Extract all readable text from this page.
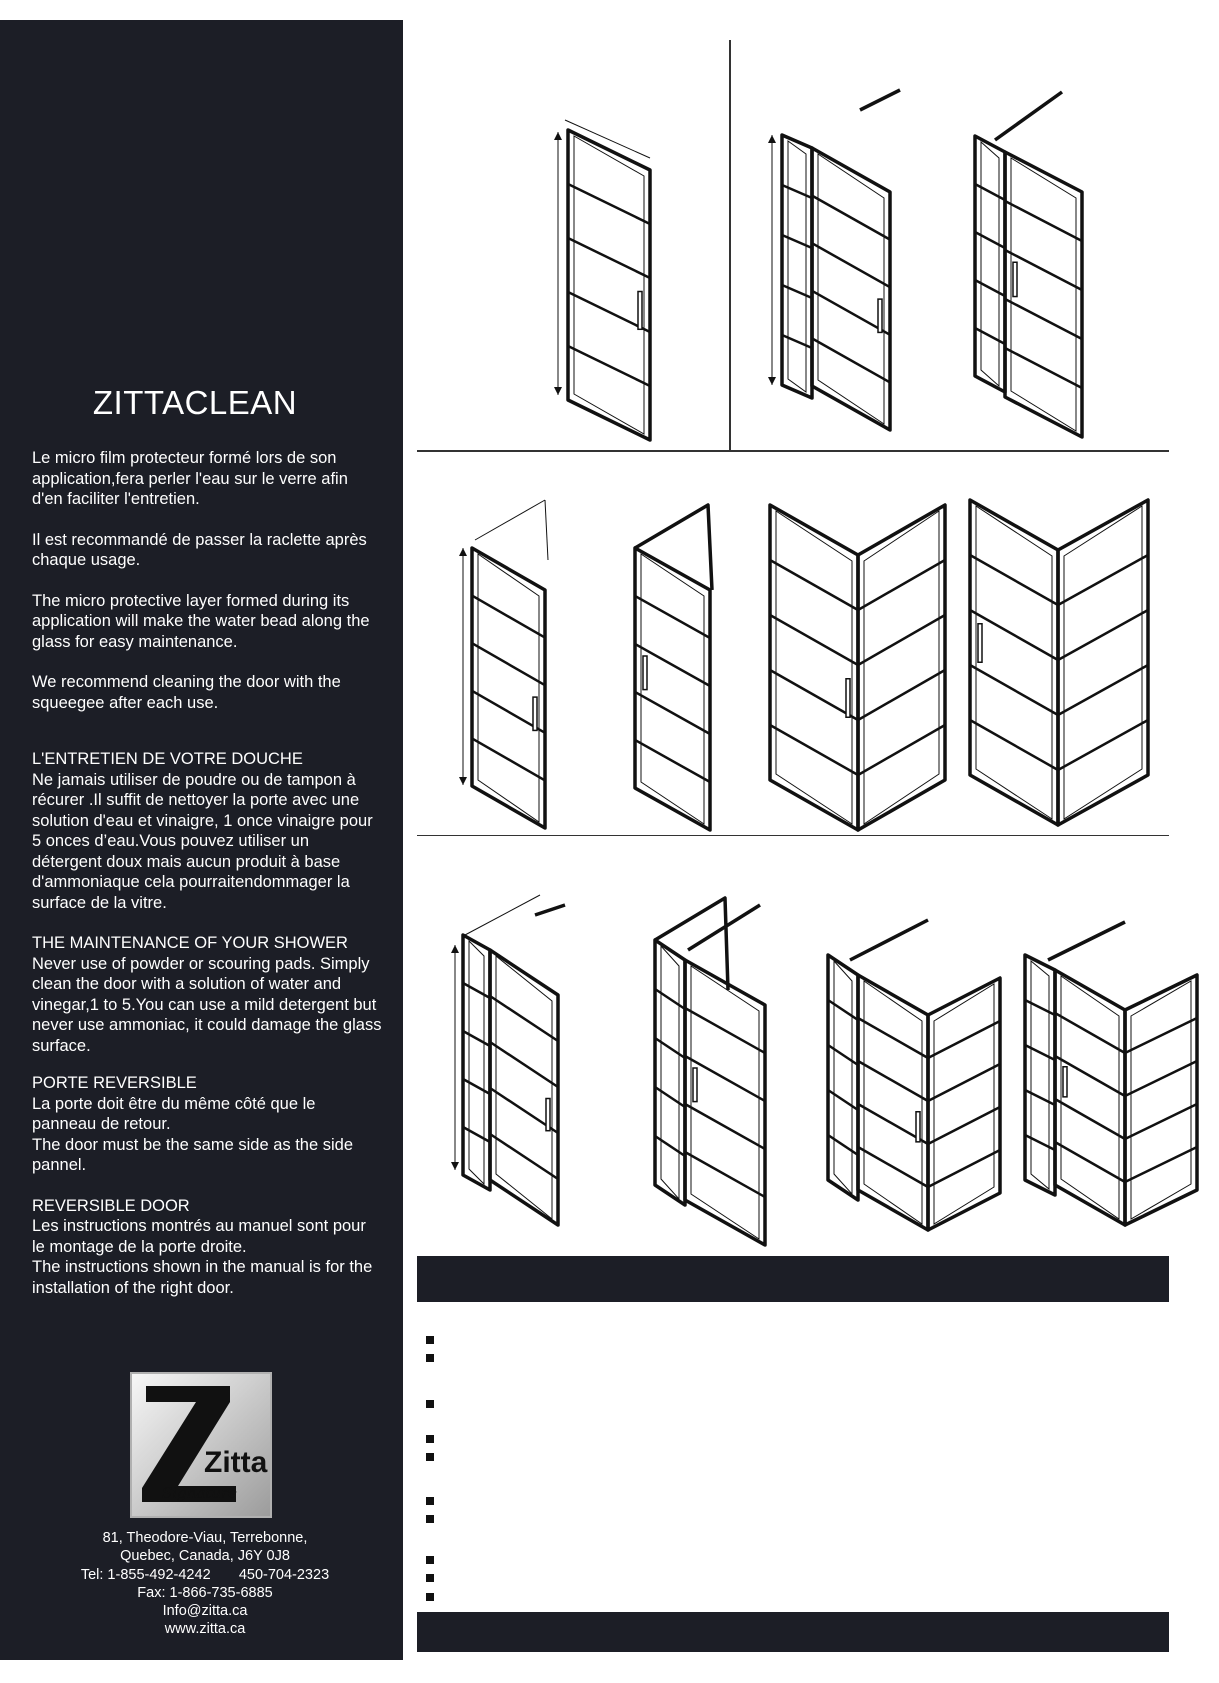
ZITTACLEAN

Le micro film protecteur formé lors de son application,fera perler l'eau sur le verre afin d'en faciliter l'entretien.

Il est recommandé de passer la raclette après chaque usage.

The micro protective layer formed during its application will make the water bead along the glass for easy maintenance.

We recommend cleaning the door with the squeegee after each use.

L'ENTRETIEN DE VOTRE DOUCHE

Ne jamais utiliser de poudre ou de tampon à récurer .Il suffit de nettoyer la porte avec une solution d'eau et vinaigre, 1 once vinaigre pour 5 onces d’eau.Vous pouvez utiliser un détergent doux mais aucun produit à base d'ammoniaque cela pourraitendommager la surface de la vitre.

THE MAINTENANCE OF YOUR SHOWER

Never use of powder or scouring pads. Simply clean the door with a solution of water and vinegar,1 to 5.You can use a mild detergent but never use ammoniac, it could damage the glass surface.

PORTE REVERSIBLE

La porte doit être du même côté que le panneau de retour.
The door must be the same side as the side pannel.

REVERSIBLE DOOR

Les instructions montrés au manuel sont pour le montage de la porte droite.
The instructions shown in the manual is for the installation of the right door.

Zitta
Signature
81, Theodore-Viau, Terrebonne,
Quebec, Canada, J6Y 0J8
Tel: 1-855-492-4242       450-704-2323
Fax: 1-866-735-6885
Info@zitta.ca
www.zitta.ca
